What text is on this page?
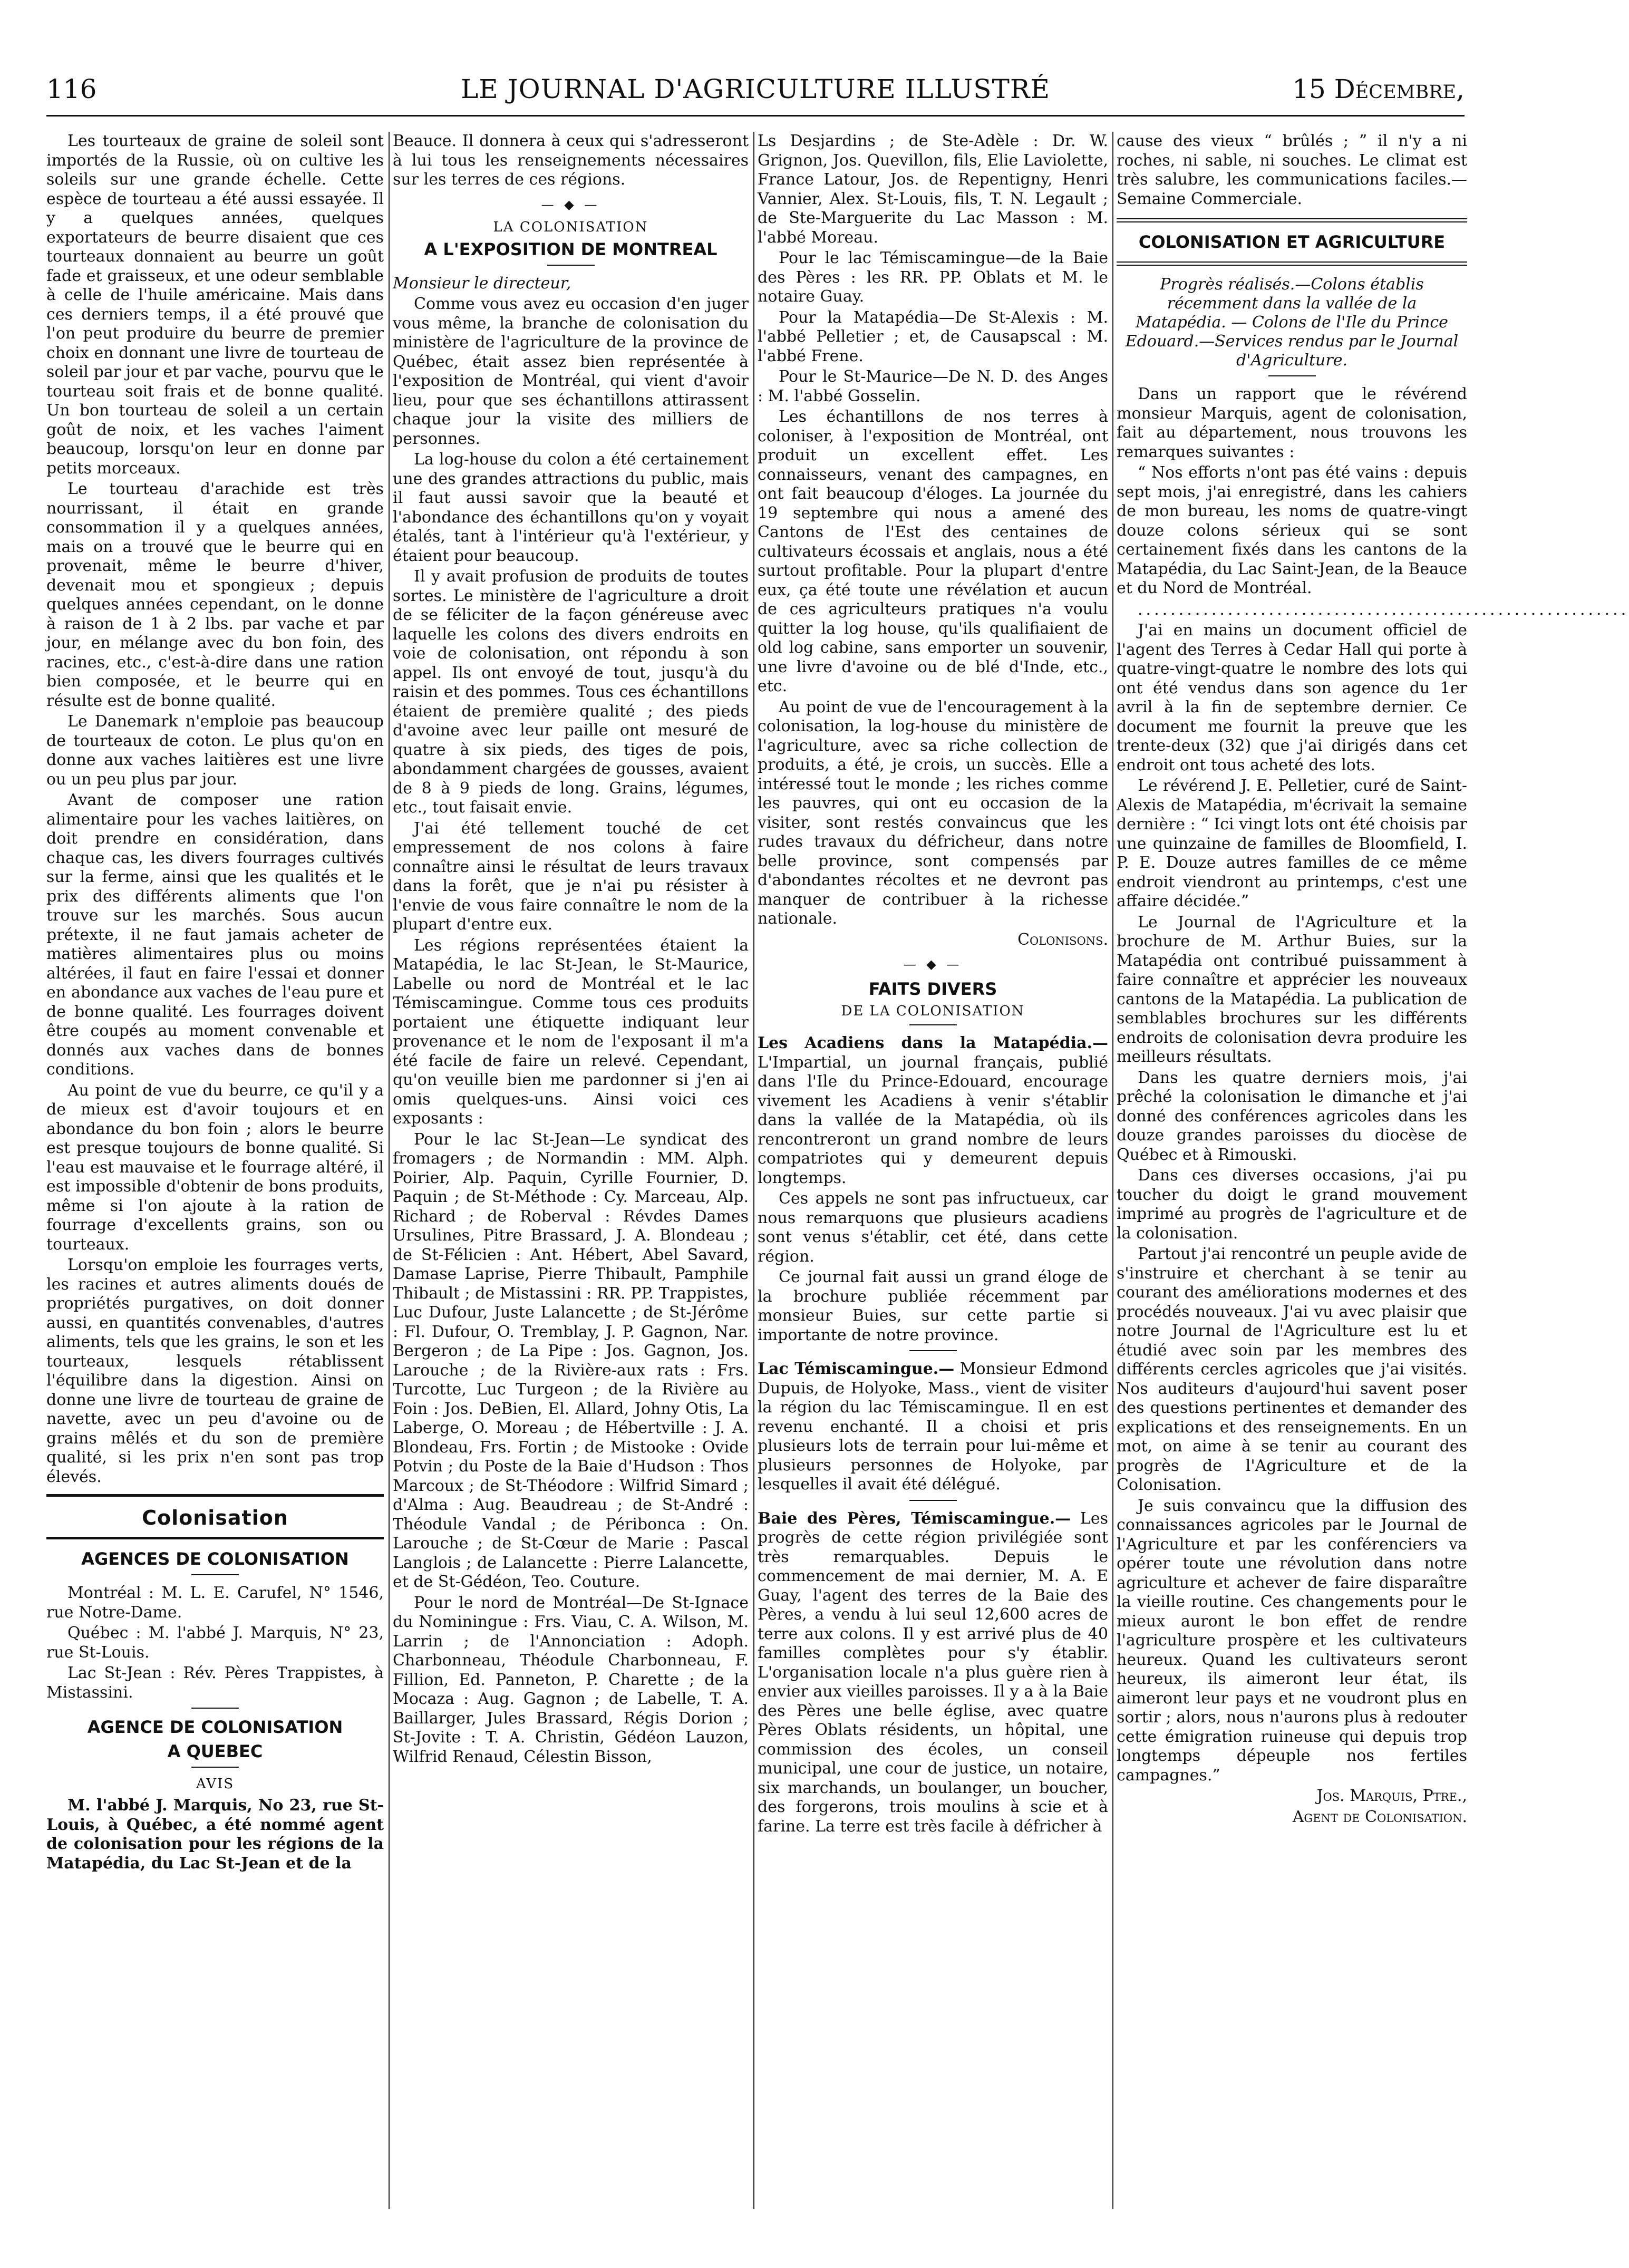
116	LE JOURNAL D'AGRICULTURE ILLUSTRÉ	15 Décembre,

Les tourteaux de graine de soleil sont importés de la Russie, où on cultive les soleils sur une grande échelle. Cette espèce de tourteau a été aussi essayée. Il y a quelques années, quelques exportateurs de beurre disaient que ces tourteaux donnaient au beurre un goût fade et graisseux, et une odeur semblable à celle de l'huile américaine. Mais dans ces derniers temps, il a été prouvé que l'on peut produire du beurre de premier choix en donnant une livre de tourteau de soleil par jour et par vache, pourvu que le tourteau soit frais et de bonne qualité. Un bon tourteau de soleil a un certain goût de noix, et les vaches l'aiment beaucoup, lorsqu'on leur en donne par petits morceaux.

Le tourteau d'arachide est très nourrissant, il était en grande consommation il y a quelques années, mais on a trouvé que le beurre qui en provenait, même le beurre d'hiver, devenait mou et spongieux ; depuis quelques années cependant, on le donne à raison de 1 à 2 lbs. par vache et par jour, en mélange avec du bon foin, des racines, etc., c'est-à-dire dans une ration bien composée, et le beurre qui en résulte est de bonne qualité.

Le Danemark n'emploie pas beaucoup de tourteaux de coton. Le plus qu'on en donne aux vaches laitières est une livre ou un peu plus par jour.

Avant de composer une ration alimentaire pour les vaches laitières, on doit prendre en considération, dans chaque cas, les divers fourrages cultivés sur la ferme, ainsi que les qualités et le prix des différents aliments que l'on trouve sur les marchés. Sous aucun prétexte, il ne faut jamais acheter de matières alimentaires plus ou moins altérées, il faut en faire l'essai et donner en abondance aux vaches de l'eau pure et de bonne qualité. Les fourrages doivent être coupés au moment convenable et donnés aux vaches dans de bonnes conditions.

Au point de vue du beurre, ce qu'il y a de mieux est d'avoir toujours et en abondance du bon foin ; alors le beurre est presque toujours de bonne qualité. Si l'eau est mauvaise et le fourrage altéré, il est impossible d'obtenir de bons produits, même si l'on ajoute à la ration de fourrage d'excellents grains, son ou tourteaux.

Lorsqu'on emploie les fourrages verts, les racines et autres aliments doués de propriétés purgatives, on doit donner aussi, en quantités convenables, d'autres aliments, tels que les grains, le son et les tourteaux, lesquels rétablissent l'équilibre dans la digestion. Ainsi on donne une livre de tourteau de graine de navette, avec un peu d'avoine ou de grains mêlés et du son de première qualité, si les prix n'en sont pas trop élevés.

Colonisation
AGENCES DE COLONISATION

Montréal : M. L. E. Carufel, N° 1546, rue Notre-Dame.

Québec : M. l'abbé J. Marquis, N° 23, rue St-Louis.

Lac St-Jean : Rév. Pères Trappistes, à Mistassini.

AGENCE DE COLONISATION
A QUEBEC
AVIS

M. l'abbé J. Marquis, No 23, rue St-Louis, à Québec, a été nommé agent de colonisation pour les régions de la Matapédia, du Lac St-Jean et de la

Beauce. Il donnera à ceux qui s'adresseront à lui tous les renseignements nécessaires sur les terres de ces régions.

— ◆ —
LA COLONISATION
A L'EXPOSITION DE MONTREAL

Monsieur le directeur,

Comme vous avez eu occasion d'en juger vous même, la branche de colonisation du ministère de l'agriculture de la province de Québec, était assez bien représentée à l'exposition de Montréal, qui vient d'avoir lieu, pour que ses échantillons attirassent chaque jour la visite des milliers de personnes.

La log-house du colon a été certainement une des grandes attractions du public, mais il faut aussi savoir que la beauté et l'abondance des échantillons qu'on y voyait étalés, tant à l'intérieur qu'à l'extérieur, y étaient pour beaucoup.

Il y avait profusion de produits de toutes sortes. Le ministère de l'agriculture a droit de se féliciter de la façon généreuse avec laquelle les colons des divers endroits en voie de colonisation, ont répondu à son appel. Ils ont envoyé de tout, jusqu'à du raisin et des pommes. Tous ces échantillons étaient de première qualité ; des pieds d'avoine avec leur paille ont mesuré de quatre à six pieds, des tiges de pois, abondamment chargées de gousses, avaient de 8 à 9 pieds de long. Grains, légumes, etc., tout faisait envie.

J'ai été tellement touché de cet empressement de nos colons à faire connaître ainsi le résultat de leurs travaux dans la forêt, que je n'ai pu résister à l'envie de vous faire connaître le nom de la plupart d'entre eux.

Les régions représentées étaient la Matapédia, le lac St-Jean, le St-Maurice, Labelle ou nord de Montréal et le lac Témiscamingue. Comme tous ces produits portaient une étiquette indiquant leur provenance et le nom de l'exposant il m'a été facile de faire un relevé. Cependant, qu'on veuille bien me pardonner si j'en ai omis quelques-uns. Ainsi voici ces exposants :

Pour le lac St-Jean—Le syndicat des fromagers ; de Normandin : MM. Alph. Poirier, Alp. Paquin, Cyrille Fournier, D. Paquin ; de St-Méthode : Cy. Marceau, Alp. Richard ; de Roberval : Révdes Dames Ursulines, Pitre Brassard, J. A. Blondeau ; de St-Félicien : Ant. Hébert, Abel Savard, Damase Laprise, Pierre Thibault, Pamphile Thibault ; de Mistassini : RR. PP. Trappistes, Luc Dufour, Juste Lalancette ; de St-Jérôme : Fl. Dufour, O. Tremblay, J. P. Gagnon, Nar. Bergeron ; de La Pipe : Jos. Gagnon, Jos. Larouche ; de la Rivière-aux rats : Frs. Turcotte, Luc Turgeon ; de la Rivière au Foin : Jos. DeBien, El. Allard, Johny Otis, La Laberge, O. Moreau ; de Hébertville : J. A. Blondeau, Frs. Fortin ; de Mistooke : Ovide Potvin ; du Poste de la Baie d'Hudson : Thos Marcoux ; de St-Théodore : Wilfrid Simard ; d'Alma : Aug. Beaudreau ; de St-André : Théodule Vandal ; de Péribonca : On. Larouche ; de St-Cœur de Marie : Pascal Langlois ; de Lalancette : Pierre Lalancette, et de St-Gédéon, Teo. Couture.

Pour le nord de Montréal—De St-Ignace du Nominingue : Frs. Viau, C. A. Wilson, M. Larrin ; de l'Annonciation : Adoph. Charbonneau, Théodule Charbonneau, F. Fillion, Ed. Panneton, P. Charette ; de la Mocaza : Aug. Gagnon ; de Labelle, T. A. Baillarger, Jules Brassard, Régis Dorion ; St-Jovite : T. A. Christin, Gédéon Lauzon, Wilfrid Renaud, Célestin Bisson,

Ls Desjardins ; de Ste-Adèle : Dr. W. Grignon, Jos. Quevillon, fils, Elie Laviolette, France Latour, Jos. de Repentigny, Henri Vannier, Alex. St-Louis, fils, T. N. Legault ; de Ste-Marguerite du Lac Masson : M. l'abbé Moreau.

Pour le lac Témiscamingue—de la Baie des Pères : les RR. PP. Oblats et M. le notaire Guay.

Pour la Matapédia—De St-Alexis : M. l'abbé Pelletier ; et, de Causapscal : M. l'abbé Frene.

Pour le St-Maurice—De N. D. des Anges : M. l'abbé Gosselin.

Les échantillons de nos terres à coloniser, à l'exposition de Montréal, ont produit un excellent effet. Les connaisseurs, venant des campagnes, en ont fait beaucoup d'éloges. La journée du 19 septembre qui nous a amené des Cantons de l'Est des centaines de cultivateurs écossais et anglais, nous a été surtout profitable. Pour la plupart d'entre eux, ça été toute une révélation et aucun de ces agriculteurs pratiques n'a voulu quitter la log house, qu'ils qualifiaient de old log cabine, sans emporter un souvenir, une livre d'avoine ou de blé d'Inde, etc., etc.

Au point de vue de l'encouragement à la colonisation, la log-house du ministère de l'agriculture, avec sa riche collection de produits, a été, je crois, un succès. Elle a intéressé tout le monde ; les riches comme les pauvres, qui ont eu occasion de la visiter, sont restés convaincus que les rudes travaux du défricheur, dans notre belle province, sont compensés par d'abondantes récoltes et ne devront pas manquer de contribuer à la richesse nationale.

Colonisons.

— ◆ —
FAITS DIVERS
DE LA COLONISATION

Les Acadiens dans la Matapédia.— L'Impartial, un journal français, publié dans l'Ile du Prince-Edouard, encourage vivement les Acadiens à venir s'établir dans la vallée de la Matapédia, où ils rencontreront un grand nombre de leurs compatriotes qui y demeurent depuis longtemps.

Ces appels ne sont pas infructueux, car nous remarquons que plusieurs acadiens sont venus s'établir, cet été, dans cette région.

Ce journal fait aussi un grand éloge de la brochure publiée récemment par monsieur Buies, sur cette partie si importante de notre province.

Lac Témiscamingue.— Monsieur Edmond Dupuis, de Holyoke, Mass., vient de visiter la région du lac Témiscamingue. Il en est revenu enchanté. Il a choisi et pris plusieurs lots de terrain pour lui-même et plusieurs personnes de Holyoke, par lesquelles il avait été délégué.

Baie des Pères, Témiscamingue.— Les progrès de cette région privilégiée sont très remarquables. Depuis le commencement de mai dernier, M. A. E Guay, l'agent des terres de la Baie des Pères, a vendu à lui seul 12,600 acres de terre aux colons. Il y est arrivé plus de 40 familles complètes pour s'y établir. L'organisation locale n'a plus guère rien à envier aux vieilles paroisses. Il y a à la Baie des Pères une belle église, avec quatre Pères Oblats résidents, un hôpital, une commission des écoles, un conseil municipal, une cour de justice, un notaire, six marchands, un boulanger, un boucher, des forgerons, trois moulins à scie et à farine. La terre est très facile à défricher à

cause des vieux “ brûlés ; ” il n'y a ni roches, ni sable, ni souches. Le climat est très salubre, les communications faciles.—Semaine Commerciale.

COLONISATION ET AGRICULTURE
Progrès réalisés.—Colons établis récemment dans la vallée de la Matapédia. — Colons de l'Ile du Prince Edouard.—Services rendus par le Journal d'Agriculture.

Dans un rapport que le révérend monsieur Marquis, agent de colonisation, fait au département, nous trouvons les remarques suivantes :

“ Nos efforts n'ont pas été vains : depuis sept mois, j'ai enregistré, dans les cahiers de mon bureau, les noms de quatre-vingt douze colons sérieux qui se sont certainement fixés dans les cantons de la Matapédia, du Lac Saint-Jean, de la Beauce et du Nord de Montréal.

............................................................

J'ai en mains un document officiel de l'agent des Terres à Cedar Hall qui porte à quatre-vingt-quatre le nombre des lots qui ont été vendus dans son agence du 1er avril à la fin de septembre dernier. Ce document me fournit la preuve que les trente-deux (32) que j'ai dirigés dans cet endroit ont tous acheté des lots.

Le révérend J. E. Pelletier, curé de Saint-Alexis de Matapédia, m'écrivait la semaine dernière : “ Ici vingt lots ont été choisis par une quinzaine de familles de Bloomfield, I. P. E. Douze autres familles de ce même endroit viendront au printemps, c'est une affaire décidée.”

Le Journal de l'Agriculture et la brochure de M. Arthur Buies, sur la Matapédia ont contribué puissamment à faire connaître et apprécier les nouveaux cantons de la Matapédia. La publication de semblables brochures sur les différents endroits de colonisation devra produire les meilleurs résultats.

Dans les quatre derniers mois, j'ai prêché la colonisation le dimanche et j'ai donné des conférences agricoles dans les douze grandes paroisses du diocèse de Québec et à Rimouski.

Dans ces diverses occasions, j'ai pu toucher du doigt le grand mouvement imprimé au progrès de l'agriculture et de la colonisation.

Partout j'ai rencontré un peuple avide de s'instruire et cherchant à se tenir au courant des améliorations modernes et des procédés nouveaux. J'ai vu avec plaisir que notre Journal de l'Agriculture est lu et étudié avec soin par les membres des différents cercles agricoles que j'ai visités. Nos auditeurs d'aujourd'hui savent poser des questions pertinentes et demander des explications et des renseignements. En un mot, on aime à se tenir au courant des progrès de l'Agriculture et de la Colonisation.

Je suis convaincu que la diffusion des connaissances agricoles par le Journal de l'Agriculture et par les conférenciers va opérer toute une révolution dans notre agriculture et achever de faire disparaître la vieille routine. Ces changements pour le mieux auront le bon effet de rendre l'agriculture prospère et les cultivateurs heureux. Quand les cultivateurs seront heureux, ils aimeront leur état, ils aimeront leur pays et ne voudront plus en sortir ; alors, nous n'aurons plus à redouter cette émigration ruineuse qui depuis trop longtemps dépeuple nos fertiles campagnes.”

Jos. Marquis, Ptre.,

Agent de Colonisation.
